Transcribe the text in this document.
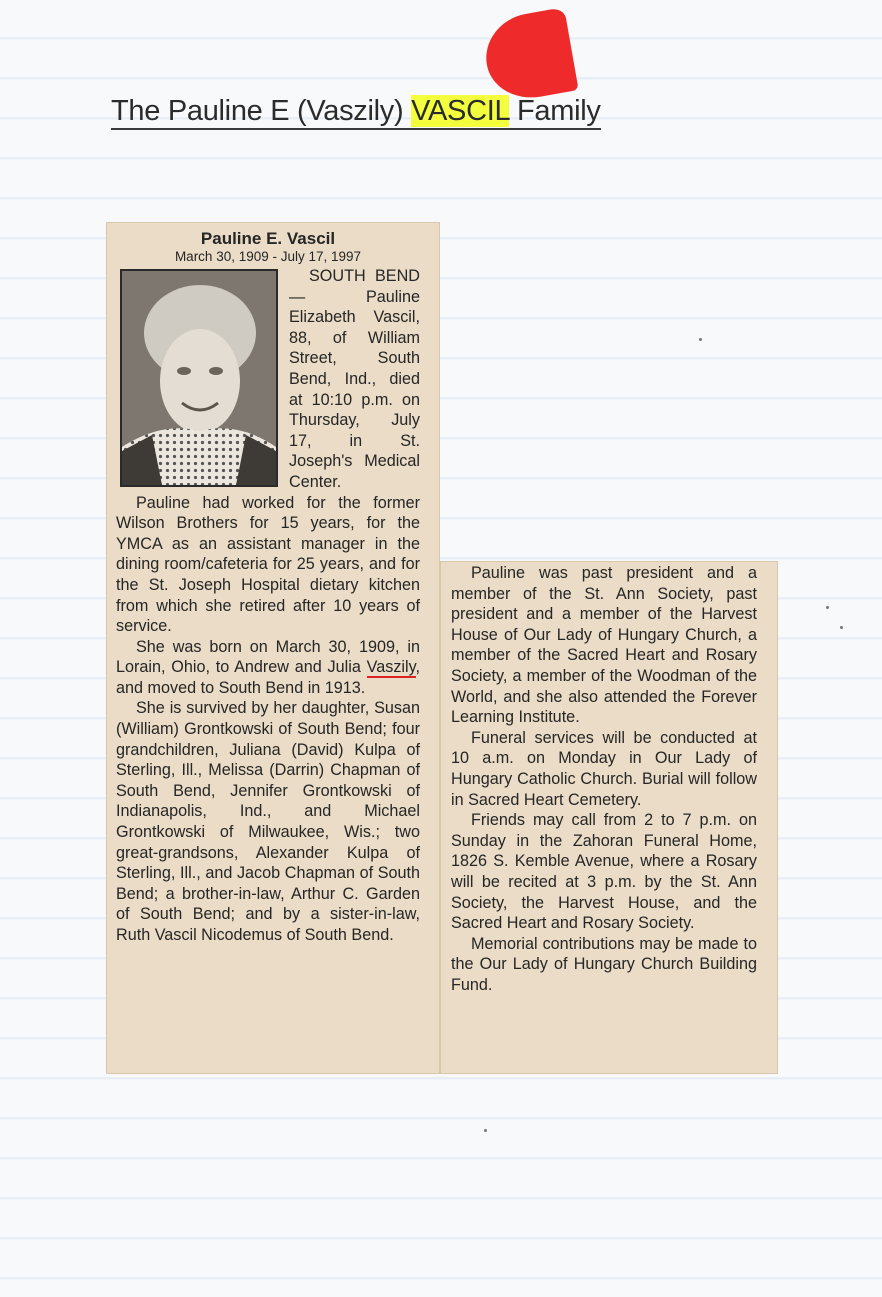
The Pauline E (Vaszily) VASCIL Family
Pauline E. Vascil
March 30, 1909 - July 17, 1997

SOUTH BEND — Pauline Elizabeth Vascil, 88, of William Street, South Bend, Ind., died at 10:10 p.m. on Thursday, July 17, in St. Joseph's Medical Center.

Pauline had worked for the former Wilson Brothers for 15 years, for the YMCA as an assistant manager in the dining room/cafeteria for 25 years, and for the St. Joseph Hospital dietary kitchen from which she retired after 10 years of service.

She was born on March 30, 1909, in Lorain, Ohio, to Andrew and Julia Vaszily, and moved to South Bend in 1913.

She is survived by her daughter, Susan (William) Grontkowski of South Bend; four grandchildren, Juliana (David) Kulpa of Sterling, Ill., Melissa (Darrin) Chapman of South Bend, Jennifer Grontkowski of Indianapolis, Ind., and Michael Grontkowski of Milwaukee, Wis.; two great-grandsons, Alexander Kulpa of Sterling, Ill., and Jacob Chapman of South Bend; a brother-in-law, Arthur C. Garden of South Bend; and by a sister-in-law, Ruth Vascil Nicodemus of South Bend.

Pauline was past president and a member of the St. Ann Society, past president and a member of the Harvest House of Our Lady of Hungary Church, a member of the Sacred Heart and Rosary Society, a member of the Woodman of the World, and she also attended the Forever Learning Institute.

Funeral services will be conducted at 10 a.m. on Monday in Our Lady of Hungary Catholic Church. Burial will follow in Sacred Heart Cemetery.

Friends may call from 2 to 7 p.m. on Sunday in the Zahoran Funeral Home, 1826 S. Kemble Avenue, where a Rosary will be recited at 3 p.m. by the St. Ann Society, the Harvest House, and the Sacred Heart and Rosary Society.

Memorial contributions may be made to the Our Lady of Hungary Church Building Fund.
